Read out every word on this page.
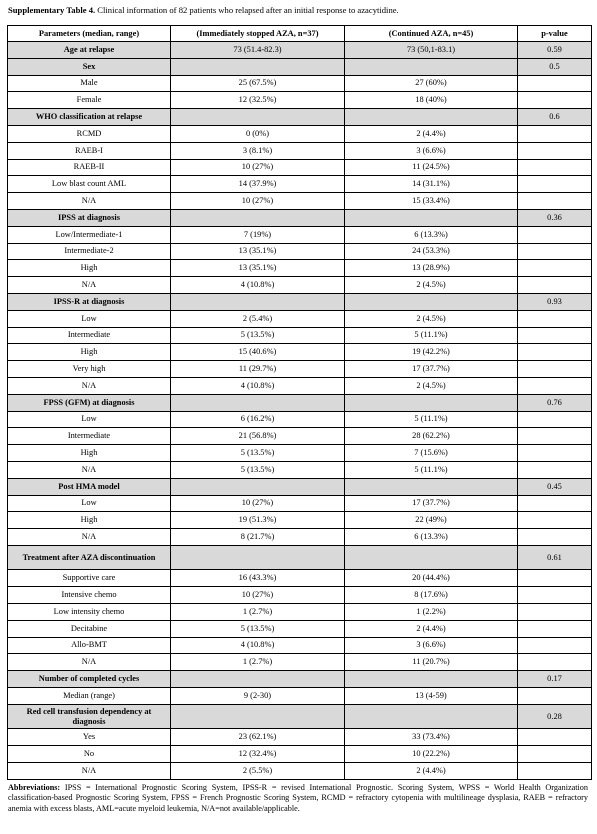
Supplementary Table 4. Clinical information of 82 patients who relapsed after an initial response to azacytidine.
Parameters (median, range)	(Immediately stopped AZA, n=37)	(Continued AZA, n=45)	p-value
Age at relapse	73 (51.4-82.3)	73 (50,1-83.1)	0.59
Sex			0.5
Male	25 (67.5%)	27 (60%)	
Female	12 (32.5%)	18 (40%)	
WHO classification at relapse			0.6
RCMD	0 (0%)	2 (4.4%)	
RAEB-I	3 (8.1%)	3 (6.6%)	
RAEB-II	10 (27%)	11 (24.5%)	
Low blast count AML	14 (37.9%)	14 (31.1%)	
N/A	10 (27%)	15 (33.4%)	
IPSS at diagnosis			0.36
Low/Intermediate-1	7 (19%)	6 (13.3%)	
Intermediate-2	13 (35.1%)	24 (53.3%)	
High	13 (35.1%)	13 (28.9%)	
N/A	4 (10.8%)	2 (4.5%)	
IPSS-R at diagnosis			0.93
Low	2 (5.4%)	2 (4.5%)	
Intermediate	5 (13.5%)	5 (11.1%)	
High	15 (40.6%)	19 (42.2%)	
Very high	11 (29.7%)	17 (37.7%)	
N/A	4 (10.8%)	2 (4.5%)	
FPSS (GFM) at diagnosis			0.76
Low	6 (16.2%)	5 (11.1%)	
Intermediate	21 (56.8%)	28 (62.2%)	
High	5 (13.5%)	7 (15.6%)	
N/A	5 (13.5%)	5 (11.1%)	
Post HMA model			0.45
Low	10 (27%)	17 (37.7%)	
High	19 (51.3%)	22 (49%)	
N/A	8 (21.7%)	6 (13.3%)	
Treatment after AZA discontinuation			0.61
Supportive care	16 (43.3%)	20 (44.4%)	
Intensive chemo	10 (27%)	8 (17.6%)	
Low intensity chemo	1 (2.7%)	1 (2.2%)	
Decitabine	5 (13.5%)	2 (4.4%)	
Allo-BMT	4 (10.8%)	3 (6.6%)	
N/A	1 (2.7%)	11 (20.7%)	
Number of completed cycles			0.17
Median (range)	9 (2-30)	13 (4-59)	
Red cell transfusion dependency at diagnosis			0.28
Yes	23 (62.1%)	33 (73.4%)	
No	12 (32.4%)	10 (22.2%)	
N/A	2 (5.5%)	2 (4.4%)	
Abbreviations: IPSS = International Prognostic Scoring System, IPSS-R = revised International Prognostic. Scoring System, WPSS = World Health Organization classification-based Prognostic Scoring System, FPSS = French Prognostic Scoring System, RCMD = refractory cytopenia with multilineage dysplasia, RAEB = refractory anemia with excess blasts, AML=acute myeloid leukemia, N/A=not available/applicable.
